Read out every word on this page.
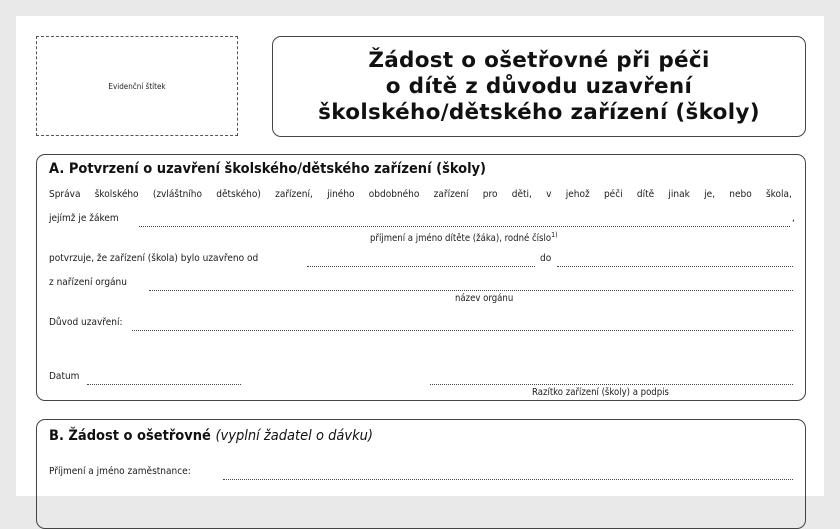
Evidenční štítek
Žádost o ošetřovné při péči
o dítě z důvodu uzavření
školského/dětského zařízení (školy)
A. Potvrzení o uzavření školského/dětského zařízení (školy)
Správa školského (zvláštního dětského) zařízení, jiného obdobného zařízení pro děti, v jehož péči dítě jinak je, nebo škola,
jejímž je žákem	,
příjmení a jméno dítěte (žáka), rodné číslo$^{1)}$
potvrzuje, že zařízení (škola) bylo uzavřeno od	do
z nařízení orgánu
název orgánu
Důvod uzavření:
Datum
Razítko zařízení (školy) a podpis
B. Žádost o ošetřovné (vyplní žadatel o dávku)
Příjmení a jméno zaměstnance:
